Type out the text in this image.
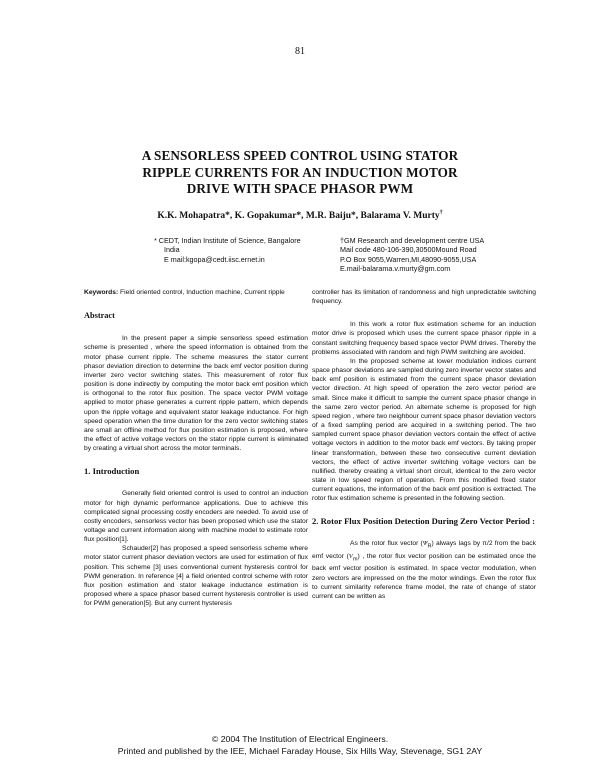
81
A SENSORLESS SPEED CONTROL USING STATOR
RIPPLE CURRENTS FOR AN INDUCTION MOTOR
DRIVE WITH SPACE PHASOR PWM
K.K. Mohapatra*, K. Gopakumar*, M.R. Baiju*, Balarama V. Murty†
* CEDT, Indian Institute of Science, Bangalore
India
E mail:kgopa@cedt.iisc.ernet.in
†GM Research and development centre USA
Mail code 480-106-390,30500Mound Road
P.O Box 9055,Warren,MI,48090-9055,USA
E.mail-balarama.v.murty@gm.com

Keywords: Field oriented control, Induction machine, Current ripple

Abstract

In the present paper a simple sensorless speed estimation scheme is presented , where the speed information is obtained from the motor phase current ripple. The scheme measures the stator current phasor deviation direction to determine the back emf vector position during inverter zero vector switching states. This measurement of rotor flux position is done indirectly by computing the motor back emf position which is orthogonal to the rotor flux position. The space vector PWM voltage applied to motor phase generates a current ripple pattern, which depends upon the ripple voltage and equivalent stator leakage inductance. For high speed operation when the time duration for the zero vector switching states are small an offline method for flux position estimation is proposed, where the effect of active voltage vectors on the stator ripple current is eliminated by creating a virtual short across the motor terminals.

1. Introduction

Generally field oriented control is used to control an induction motor for high dynamic performance applications. Due to achieve this complicated signal processing costly encoders are needed. To avoid use of costly encoders, sensorless vector has been proposed which use the stator voltage and current information along with machine model to estimate rotor flux position[1].

Schauder[2] has proposed a speed sensorless scheme where motor stator current phasor deviation vectors are used for estimation of flux position. This scheme [3] uses conventional current hysteresis control for PWM generation. In reference [4] a field oriented control scheme with rotor flux position estimation and stator leakage inductance estimation is proposed where a space phasor based current hysteresis controller is used for PWM generation[5]. But any current hysteresis

controller has its limitation of randomness and high unpredictable switching frequency.

In this work a rotor flux estimation scheme for an induction motor drive is proposed which uses the current space phasor ripple in a constant switching frequency based space vector PWM drives. Thereby the problems associated with random and high PWM switching are avoided.

In the proposed scheme at lower modulation indices current space phasor deviations are sampled during zero inverter vector states and back emf position is estimated from the current space phasor deviation vector direction. At high speed of operation the zero vector period are small. Since make it difficult to sample the current space phasor change in the same zero vector period. An alternate scheme is proposed for high speed region , where two neighbour current space phasor deviation vectors of a fixed sampling period are acquired in a switching period. The two sampled current space phasor deviation vectors contain the effect of active voltage vectors in addition to the motor back emf vectors. By taking proper linear transformation, between these two consecutive current deviation vectors, the effect of active inverter switching voltage vectors can be nullified. thereby creating a virtual short circuit, identical to the zero vector state in low speed region of operation. From this modified fixed stator current equations, the information of the back emf position is extracted. The rotor flux estimation scheme is presented in the following section.

2. Rotor Flux Position Detection During Zero Vector Period :

As the rotor flux vector $(\Psi_R)$ always lags by π/2 from the back emf vector $(V_m)$ , the rotor flux vector position can be estimated once the back emf vector position is estimated. In space vector modulation, when zero vectors are impressed on the the motor windings. Even the rotor flux to current similarity reference frame model, the rate of change of stator current can be written as

© 2004 The Institution of Electrical Engineers.
Printed and published by the IEE, Michael Faraday House, Six Hills Way, Stevenage, SG1 2AY
